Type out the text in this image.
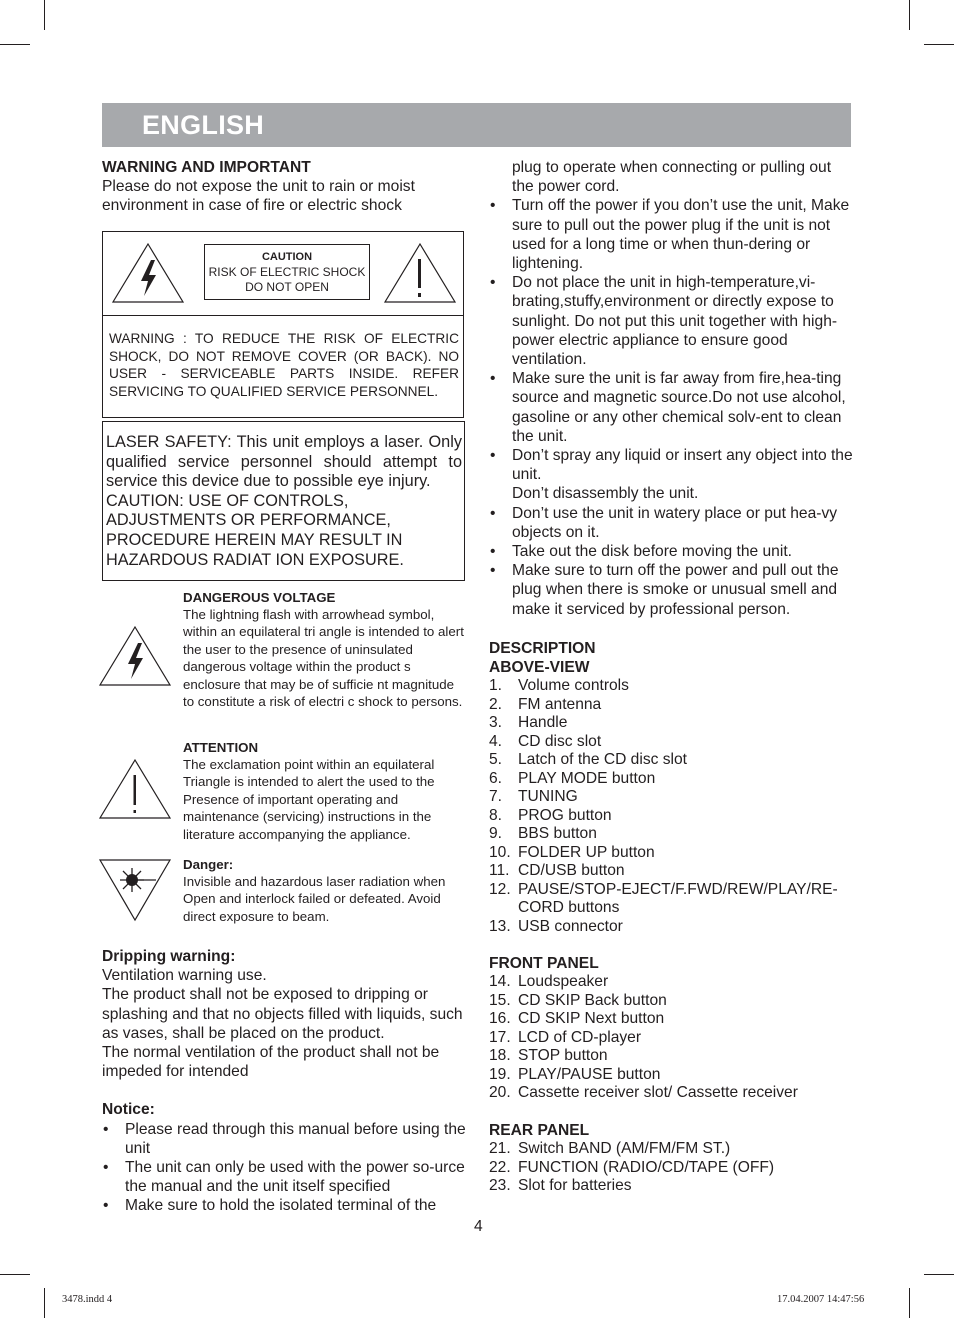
ENGLISH

WARNING AND IMPORTANT

Please do not expose the unit to rain or moist environment in case of fire or electric shock

CAUTION
RISK OF ELECTRIC SHOCK
DO NOT OPEN
WARNING : TO REDUCE THE RISK OF ELECTRIC SHOCK, DO NOT REMOVE COVER (OR BACK). NO USER - SERVICEABLE PARTS INSIDE. REFER SERVICING TO QUALIFIED SERVICE PERSONNEL.
LASER SAFETY: This unit employs a laser. Only qualified service personnel should attempt to service this device due to possible eye injury.

CAUTION: USE OF CONTROLS, ADJUSTMENTS OR PERFORMANCE, PROCEDURE HEREIN MAY RESULT IN HAZARDOUS RADIAT ION EXPOSURE.
DANGEROUS VOLTAGE
The lightning flash with arrowhead symbol, within an equilateral tri angle is intended to alert the user to the presence of uninsulated dangerous voltage within the product s enclosure that may be of sufficie nt magnitude to constitute a risk of electri c shock to persons.
ATTENTION
The exclamation point within an equilateral Triangle is intended to alert the used to the Presence of important operating and maintenance (servicing) instructions in the literature accompanying the appliance.
Danger:
Invisible and hazardous laser radiation when Open and interlock failed or defeated. Avoid direct exposure to beam.

Dripping warning:

Ventilation warning use.

The product shall not be exposed to dripping or splashing and that no objects filled with liquids, such as vases, shall be placed on the product.

The normal ventilation of the product shall not be impeded for intended

Notice:

• Please read through this manual before using the unit
• The unit can only be used with the power so-urce the manual and the unit itself specified
• Make sure to hold the isolated terminal of the

plug to operate when connecting or pulling out the power cord.

• Turn off the power if you don’t use the unit, Make sure to pull out the power plug if the unit is not used for a long time or when thun-dering or lightening.
• Do not place the unit in high-temperature,vi-brating,stuffy,environment or directly expose to sunlight. Do not put this unit together with high-power electric appliance to ensure good ventilation.
• Make sure the unit is far away from fire,hea-ting source and magnetic source.Do not use alcohol, gasoline or any other chemical solv-ent to clean the unit.
• Don’t spray any liquid or insert any object into the unit.
Don’t disassembly the unit.
• Don’t use the unit in watery place or put hea-vy objects on it.
• Take out the disk before moving the unit.
• Make sure to turn off the power and pull out the plug when there is smoke or unusual smell and make it serviced by professional person.

DESCRIPTION

ABOVE-VIEW

1. Volume controls
2. FM antenna
3. Handle
4. CD disc slot
5. Latch of the CD disc slot
6. PLAY MODE button
7. TUNING
8. PROG button
9. BBS button
10. FOLDER UP button
11. CD/USB button
12. PAUSE/STOP-EJECT/F.FWD/REW/PLAY/RE-CORD buttons
13. USB connector

FRONT PANEL

14. Loudspeaker
15. CD SKIP Back button
16. CD SKIP Next button
17. LCD of CD-player
18. STOP button
19. PLAY/PAUSE button
20. Cassette receiver slot/ Cassette receiver

REAR PANEL

21. Switch BAND (AM/FM/FM ST.)
22. FUNCTION (RADIO/CD/TAPE (OFF)
23. Slot for batteries
4
3478.indd 4	17.04.2007 14:47:56
